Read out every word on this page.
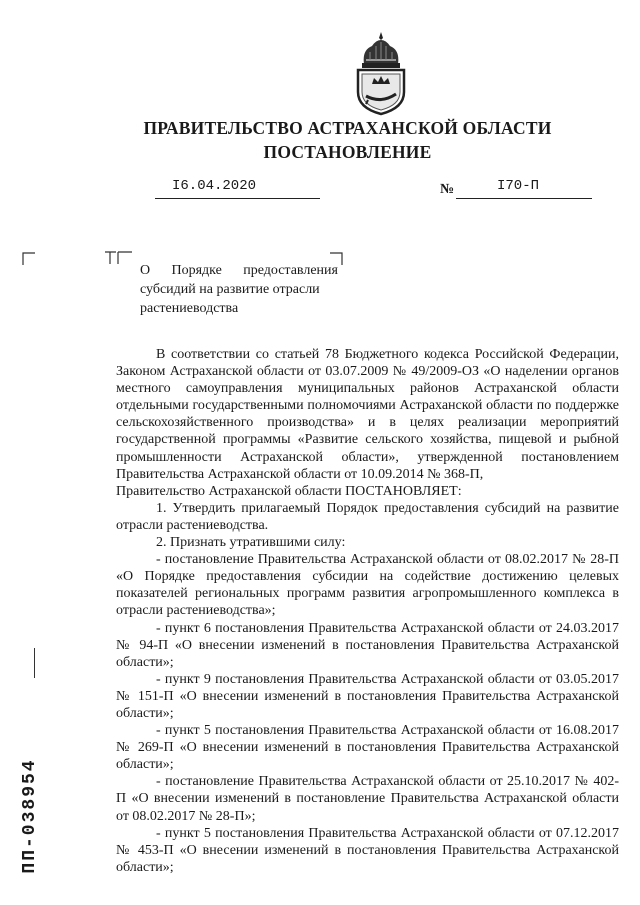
ПРАВИТЕЛЬСТВО АСТРАХАНСКОЙ ОБЛАСТИ
ПОСТАНОВЛЕНИЕ
I6.04.2020	№	I70-П
О Порядке предоставления
субсидий на развитие отрасли
растениеводства

В соответствии со статьей 78 Бюджетного кодекса Российской Федерации, Законом Астраханской области от 03.07.2009 № 49/2009-ОЗ «О наделении органов местного самоуправления муниципальных районов Астраханской области отдельными государственными полномочиями Астраханской области по поддержке сельскохозяйственного производства» и в целях реализации мероприятий государственной программы «Развитие сельского хозяйства, пищевой и рыбной промышленности Астраханской области», утвержденной постановлением Правительства Астраханской области от 10.09.2014 № 368-П,

Правительство Астраханской области ПОСТАНОВЛЯЕТ:

1. Утвердить прилагаемый Порядок предоставления субсидий на развитие отрасли растениеводства.

2. Признать утратившими силу:

- постановление Правительства Астраханской области от 08.02.2017 № 28-П «О Порядке предоставления субсидии на содействие достижению целевых показателей региональных программ развития агропромышленного комплекса в отрасли растениеводства»;

- пункт 6 постановления Правительства Астраханской области от 24.03.2017 № 94-П «О внесении изменений в постановления Правительства Астраханской области»;

- пункт 9 постановления Правительства Астраханской области от 03.05.2017 № 151-П «О внесении изменений в постановления Правительства Астраханской области»;

- пункт 5 постановления Правительства Астраханской области от 16.08.2017 № 269-П «О внесении изменений в постановления Правительства Астраханской области»;

- постановление Правительства Астраханской области от 25.10.2017 № 402-П «О внесении изменений в постановление Правительства Астраханской области от 08.02.2017 № 28-П»;

- пункт 5 постановления Правительства Астраханской области от 07.12.2017 № 453-П «О внесении изменений в постановления Правительства Астраханской области»;

ПП-038954
